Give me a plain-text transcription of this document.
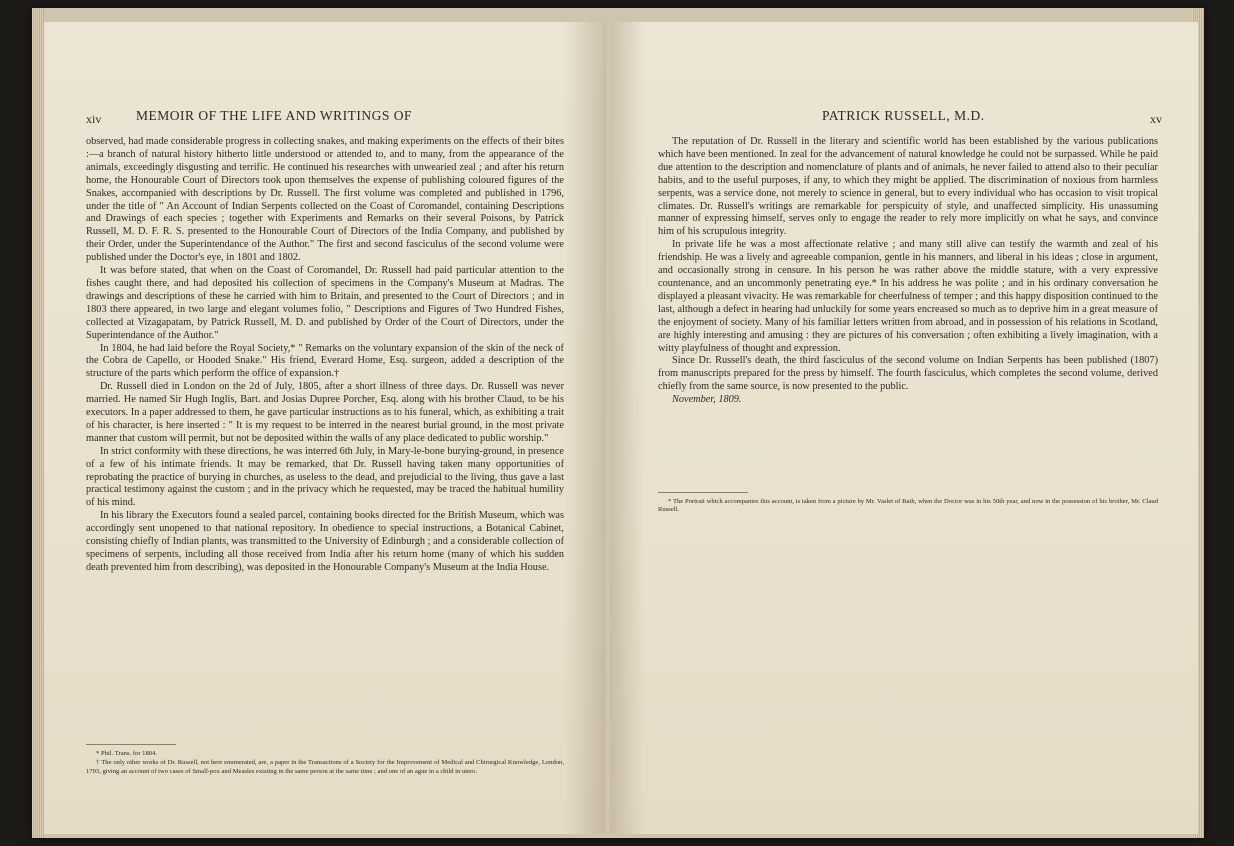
xiv	MEMOIR OF THE LIFE AND WRITINGS OF

observed, had made considerable progress in collecting snakes, and making experiments on the effects of their bites :—a branch of natural history hitherto little understood or attended to, and to many, from the appearance of the animals, exceedingly disgusting and terrific. He continued his researches with unwearied zeal ; and after his return home, the Honourable Court of Directors took upon themselves the expense of publishing coloured figures of the Snakes, accompanied with descriptions by Dr. Russell. The first volume was completed and published in 1796, under the title of " An Account of Indian Serpents collected on the Coast of Coromandel, containing Descriptions and Drawings of each species ; together with Experiments and Remarks on their several Poisons, by Patrick Russell, M. D. F. R. S. presented to the Honourable Court of Directors of the India Company, and published by their Order, under the Superintendance of the Author." The first and second fasciculus of the second volume were published under the Doctor's eye, in 1801 and 1802.

It was before stated, that when on the Coast of Coromandel, Dr. Russell had paid particular attention to the fishes caught there, and had deposited his collection of specimens in the Company's Museum at Madras. The drawings and descriptions of these he carried with him to Britain, and presented to the Court of Directors ; and in 1803 there appeared, in two large and elegant volumes folio, " Descriptions and Figures of Two Hundred Fishes, collected at Vizagapatam, by Patrick Russell, M. D. and published by Order of the Court of Directors, under the Superintendance of the Author."

In 1804, he had laid before the Royal Society,* " Remarks on the voluntary expansion of the skin of the neck of the Cobra de Capello, or Hooded Snake." His friend, Everard Home, Esq. surgeon, added a description of the structure of the parts which perform the office of expansion.†

Dr. Russell died in London on the 2d of July, 1805, after a short illness of three days. Dr. Russell was never married. He named Sir Hugh Inglis, Bart. and Josias Dupree Porcher, Esq. along with his brother Claud, to be his executors. In a paper addressed to them, he gave particular instructions as to his funeral, which, as exhibiting a trait of his character, is here inserted : " It is my request to be interred in the nearest burial ground, in the most private manner that custom will permit, but not be deposited within the walls of any place dedicated to public worship."

In strict conformity with these directions, he was interred 6th July, in Mary-le-bone burying-ground, in presence of a few of his intimate friends. It may be remarked, that Dr. Russell having taken many opportunities of reprobating the practice of burying in churches, as useless to the dead, and prejudicial to the living, thus gave a last practical testimony against the custom ; and in the privacy which he requested, may be traced the habitual humility of his mind.

In his library the Executors found a sealed parcel, containing books directed for the British Museum, which was accordingly sent unopened to that national repository. In obedience to special instructions, a Botanical Cabinet, consisting chiefly of Indian plants, was transmitted to the University of Edinburgh ; and a considerable collection of specimens of serpents, including all those received from India after his return home (many of which his sudden death prevented him from describing), was deposited in the Honourable Company's Museum at the India House.

* Phil. Trans. for 1804.

† The only other works of Dr. Russell, not here enumerated, are, a paper in the Transactions of a Society for the Improvement of Medical and Chirurgical Knowledge, London, 1793, giving an account of two cases of Small-pox and Measles existing in the same person at the same time ; and one of an ague in a child in utero.

PATRICK RUSSELL, M.D.	xv

The reputation of Dr. Russell in the literary and scientific world has been established by the various publications which have been mentioned. In zeal for the advancement of natural knowledge he could not be surpassed. While he paid due attention to the description and nomenclature of plants and of animals, he never failed to attend also to their peculiar habits, and to the useful purposes, if any, to which they might be applied. The discrimination of noxious from harmless serpents, was a service done, not merely to science in general, but to every individual who has occasion to visit tropical climates. Dr. Russell's writings are remarkable for perspicuity of style, and unaffected simplicity. His unassuming manner of expressing himself, serves only to engage the reader to rely more implicitly on what he says, and convince him of his scrupulous integrity.

In private life he was a most affectionate relative ; and many still alive can testify the warmth and zeal of his friendship. He was a lively and agreeable companion, gentle in his manners, and liberal in his ideas ; close in argument, and occasionally strong in censure. In his person he was rather above the middle stature, with a very expressive countenance, and an uncommonly penetrating eye.* In his address he was polite ; and in his ordinary conversation he displayed a pleasant vivacity. He was remarkable for cheerfulness of temper ; and this happy disposition continued to the last, although a defect in hearing had unluckily for some years encreased so much as to deprive him in a great measure of the enjoyment of society. Many of his familiar letters written from abroad, and in possession of his relations in Scotland, are highly interesting and amusing : they are pictures of his conversation ; often exhibiting a lively imagination, with a witty playfulness of thought and expression.

Since Dr. Russell's death, the third fasciculus of the second volume on Indian Serpents has been published (1807) from manuscripts prepared for the press by himself. The fourth fasciculus, which completes the second volume, derived chiefly from the same source, is now presented to the public.

November, 1809.

* The Portrait which accompanies this account, is taken from a picture by Mr. Vaslet of Bath, when the Doctor was in his 50th year, and now in the possession of his brother, Mr. Claud Russell.
